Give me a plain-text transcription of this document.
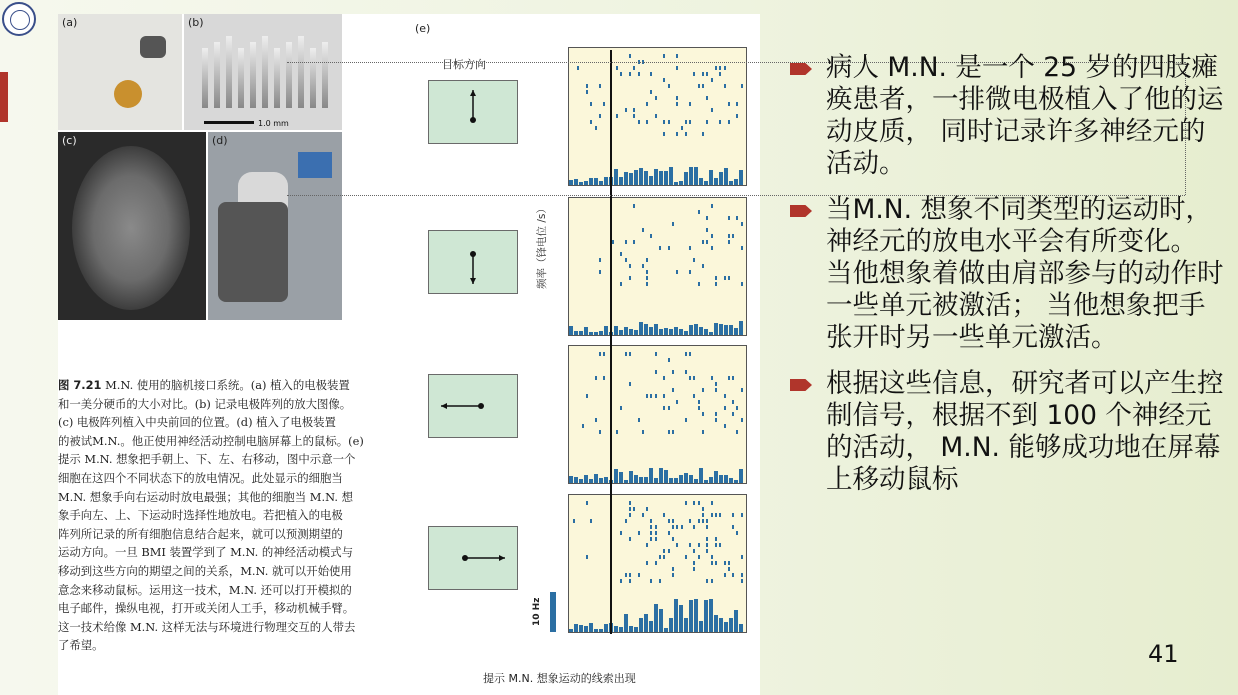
(a)	(b)
1.0 mm
(c)	(d)
图 7.21 M.N. 使用的脑机接口系统。(a) 植入的电极装置
和一美分硬币的大小对比。(b) 记录电极阵列的放大图像。
(c) 电极阵列植入中央前回的位置。(d) 植入了电极装置
的被试M.N.。他正使用神经活动控制电脑屏幕上的鼠标。(e)
提示 M.N. 想象把手朝上、下、左、右移动，图中示意一个
细胞在这四个不同状态下的放电情况。此处显示的细胞当
M.N. 想象手向右运动时放电最强；其他的细胞当 M.N. 想
象手向左、上、下运动时选择性地放电。若把植入的电极
阵列所记录的所有细胞信息结合起来，就可以预测期望的
运动方向。一旦 BMI 装置学到了 M.N. 的神经活动模式与
移动到这些方向的期望之间的关系，M.N. 就可以开始使用
意念来移动鼠标。运用这一技术，M.N. 还可以打开模拟的
电子邮件，操纵电视，打开或关闭人工手，移动机械手臂。
这一技术给像 M.N. 这样无法与环境进行物理交互的人带去
了希望。
(e)
目标方向
提示 M.N. 想象运动的线索出现
频率（锋电位 /s）
10 Hz
病人 M.N. 是一个 25 岁的四肢瘫痪患者，一排微电极植入了他的运动皮质， 同时记录许多神经元的活动。
当M.N. 想象不同类型的运动时， 神经元的放电水平会有所变化。 当他想象着做由肩部参与的动作时一些单元被激活； 当他想象把手张开时另一些单元激活。
根据这些信息，研究者可以产生控制信号，根据不到 100 个神经元的活动， M.N. 能够成功地在屏幕上移动鼠标
41
